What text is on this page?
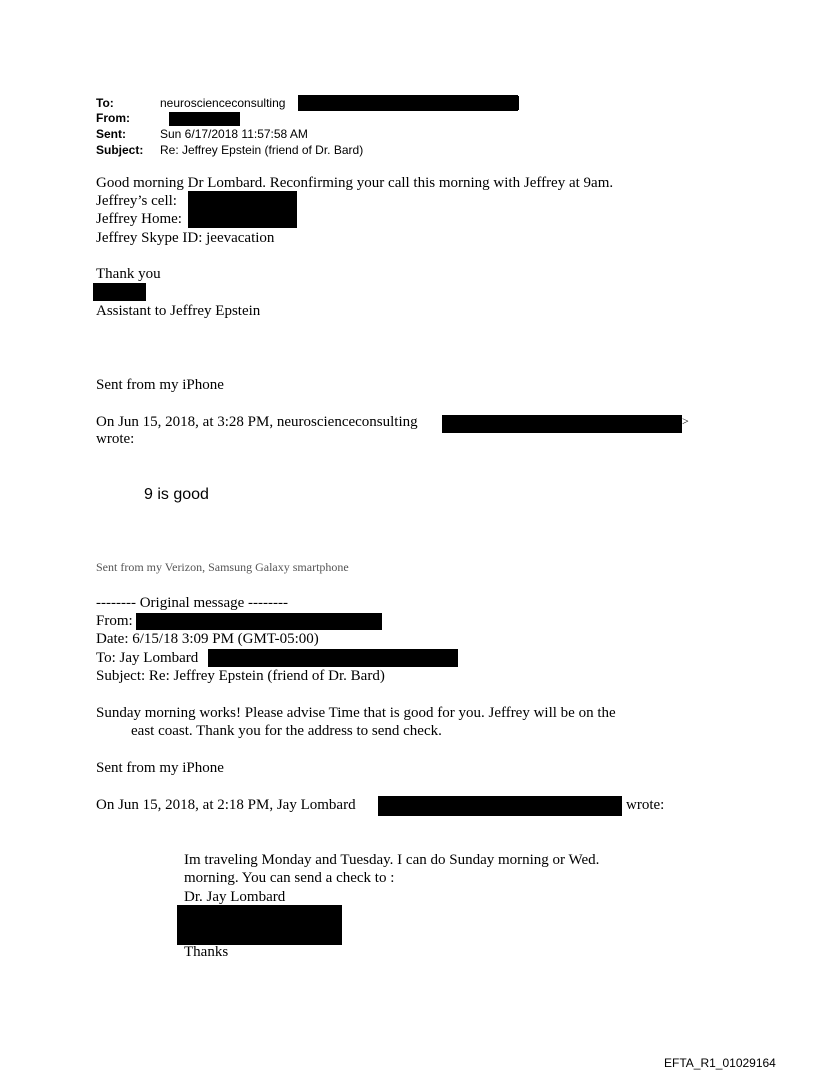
To:	neuroscienceconsulting
From:
Sent:	Sun 6/17/2018 11:57:58 AM
Subject: Re: Jeffrey Epstein (friend of Dr. Bard)
Good morning Dr Lombard. Reconfirming your call this morning with Jeffrey at 9am.
Jeffrey’s cell:
Jeffrey Home:
Jeffrey Skype ID: jeevacation
Thank you
Assistant to Jeffrey Epstein
Sent from my iPhone
On Jun 15, 2018, at 3:28 PM, neuroscienceconsulting	>
wrote:
9 is good
Sent from my Verizon, Samsung Galaxy smartphone
-------- Original message --------
From:
Date: 6/15/18 3:09 PM (GMT-05:00)
To: Jay Lombard
Subject: Re: Jeffrey Epstein (friend of Dr. Bard)
Sunday morning works! Please advise Time that is good for you. Jeffrey will be on the
east coast. Thank you for the address to send check.
Sent from my iPhone
On Jun 15, 2018, at 2:18 PM, Jay Lombard	wrote:
Im traveling Monday and Tuesday. I can do Sunday morning or Wed.
morning. You can send a check to :
Dr. Jay Lombard
Thanks
EFTA_R1_01029164
